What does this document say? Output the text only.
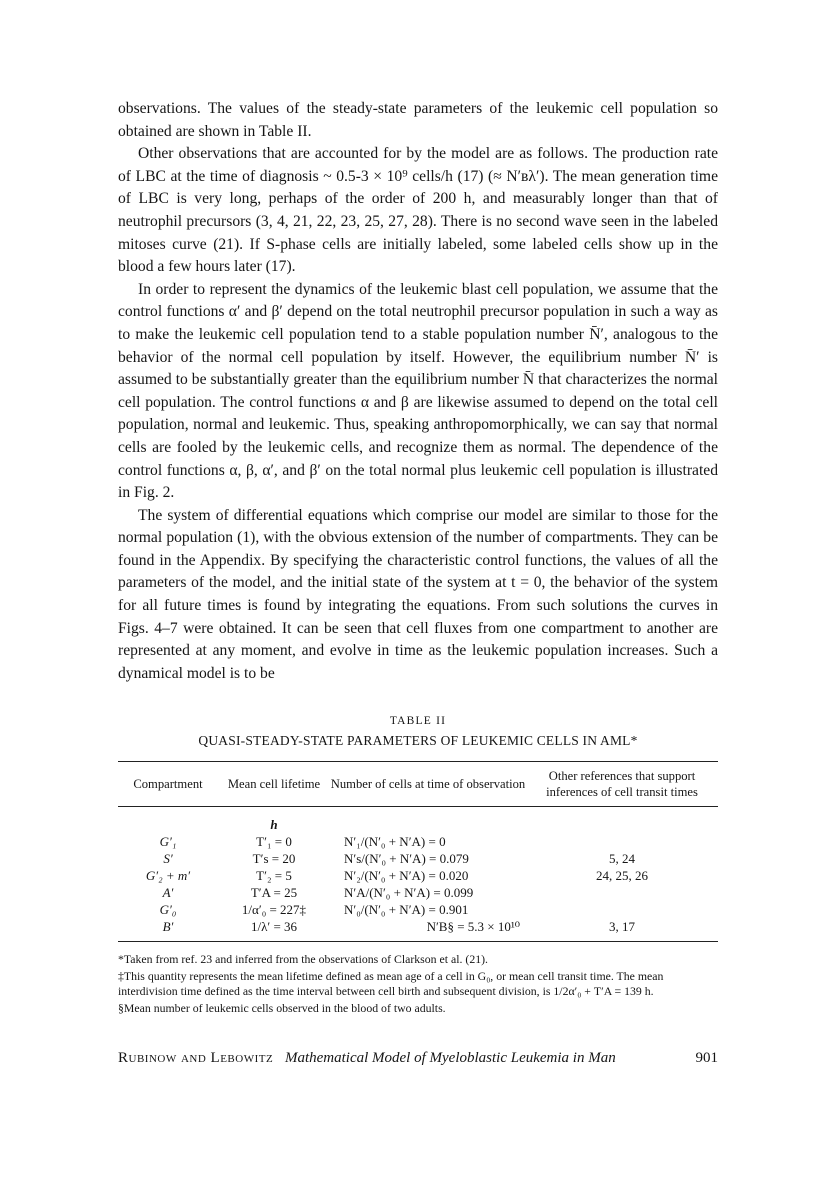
observations. The values of the steady-state parameters of the leukemic cell population so obtained are shown in Table II.

Other observations that are accounted for by the model are as follows. The production rate of LBC at the time of diagnosis ~ 0.5-3 × 10⁹ cells/h (17) (≈ N′ʙλ′). The mean generation time of LBC is very long, perhaps of the order of 200 h, and measurably longer than that of neutrophil precursors (3, 4, 21, 22, 23, 25, 27, 28). There is no second wave seen in the labeled mitoses curve (21). If S-phase cells are initially labeled, some labeled cells show up in the blood a few hours later (17).

In order to represent the dynamics of the leukemic blast cell population, we assume that the control functions α′ and β′ depend on the total neutrophil precursor population in such a way as to make the leukemic cell population tend to a stable population number N̄′, analogous to the behavior of the normal cell population by itself. However, the equilibrium number N̄′ is assumed to be substantially greater than the equilibrium number N̄ that characterizes the normal cell population. The control functions α and β are likewise assumed to depend on the total cell population, normal and leukemic. Thus, speaking anthropomorphically, we can say that normal cells are fooled by the leukemic cells, and recognize them as normal. The dependence of the control functions α, β, α′, and β′ on the total normal plus leukemic cell population is illustrated in Fig. 2.

The system of differential equations which comprise our model are similar to those for the normal population (1), with the obvious extension of the number of compartments. They can be found in the Appendix. By specifying the characteristic control functions, the values of all the parameters of the model, and the initial state of the system at t = 0, the behavior of the system for all future times is found by integrating the equations. From such solutions the curves in Figs. 4–7 were obtained. It can be seen that cell fluxes from one compartment to another are represented at any moment, and evolve in time as the leukemic population increases. Such a dynamical model is to be

TABLE II
QUASI-STEADY-STATE PARAMETERS OF LEUKEMIC CELLS IN AML*
Compartment	Mean cell lifetime	Number of cells at time of observation	Other references that support inferences of cell transit times

	h		
G′₁	T′₁ = 0	N′₁/(N′₀ + N′A) = 0	
S′	T′s = 20	N′s/(N′₀ + N′A) = 0.079	5, 24
G′₂ + m′	T′₂ = 5	N′₂/(N′₀ + N′A) = 0.020	24, 25, 26
A′	T′A = 25	N′A/(N′₀ + N′A) = 0.099	
G′₀	1/α′₀ = 227‡	N′₀/(N′₀ + N′A) = 0.901	
B′	1/λ′ = 36	N′B§ = 5.3 × 10¹⁰	3, 17
*Taken from ref. 23 and inferred from the observations of Clarkson et al. (21).
‡This quantity represents the mean lifetime defined as mean age of a cell in G₀, or mean cell transit time. The mean interdivision time defined as the time interval between cell birth and subsequent division, is 1/2α′₀ + T′A = 139 h.
§Mean number of leukemic cells observed in the blood of two adults.
Rubinow and Lebowitz Mathematical Model of Myeloblastic Leukemia in Man	901
